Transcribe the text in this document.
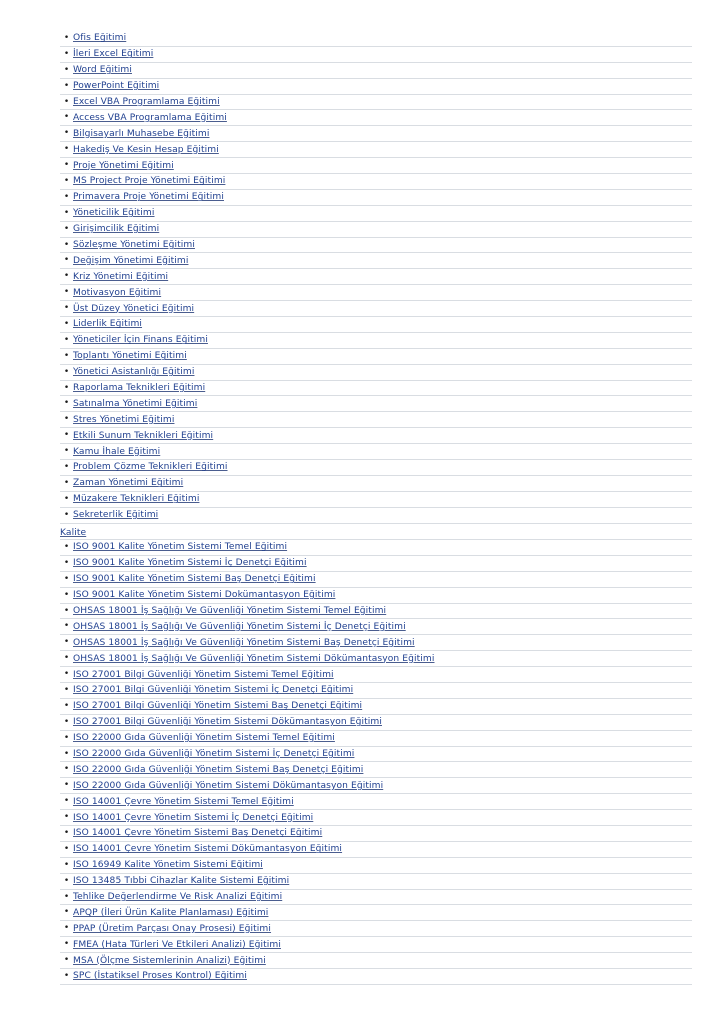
• Ofis Eğitimi
• İleri Excel Eğitimi
• Word Eğitimi
• PowerPoint Eğitimi
• Excel VBA Programlama Eğitimi
• Access VBA Programlama Eğitimi
• Bilgisayarlı Muhasebe Eğitimi
• Hakediş Ve Kesin Hesap Eğitimi
• Proje Yönetimi Eğitimi
• MS Project Proje Yönetimi Eğitimi
• Primavera Proje Yönetimi Eğitimi
• Yöneticilik Eğitimi
• Girişimcilik Eğitimi
• Sözleşme Yönetimi Eğitimi
• Değişim Yönetimi Eğitimi
• Kriz Yönetimi Eğitimi
• Motivasyon Eğitimi
• Üst Düzey Yönetici Eğitimi
• Liderlik Eğitimi
• Yöneticiler İçin Finans Eğitimi
• Toplantı Yönetimi Eğitimi
• Yönetici Asistanlığı Eğitimi
• Raporlama Teknikleri Eğitimi
• Satınalma Yönetimi Eğitimi
• Stres Yönetimi Eğitimi
• Etkili Sunum Teknikleri Eğitimi
• Kamu İhale Eğitimi
• Problem Çözme Teknikleri Eğitimi
• Zaman Yönetimi Eğitimi
• Müzakere Teknikleri Eğitimi
• Sekreterlik Eğitimi
Kalite
• ISO 9001 Kalite Yönetim Sistemi Temel Eğitimi
• ISO 9001 Kalite Yönetim Sistemi İç Denetçi Eğitimi
• ISO 9001 Kalite Yönetim Sistemi Baş Denetçi Eğitimi
• ISO 9001 Kalite Yönetim Sistemi Dokümantasyon Eğitimi
• OHSAS 18001 İş Sağlığı Ve Güvenliği Yönetim Sistemi Temel Eğitimi
• OHSAS 18001 İş Sağlığı Ve Güvenliği Yönetim Sistemi İç Denetçi Eğitimi
• OHSAS 18001 İş Sağlığı Ve Güvenliği Yönetim Sistemi Baş Denetçi Eğitimi
• OHSAS 18001 İş Sağlığı Ve Güvenliği Yönetim Sistemi Dökümantasyon Eğitimi
• ISO 27001 Bilgi Güvenliği Yönetim Sistemi Temel Eğitimi
• ISO 27001 Bilgi Güvenliği Yönetim Sistemi İç Denetçi Eğitimi
• ISO 27001 Bilgi Güvenliği Yönetim Sistemi Baş Denetçi Eğitimi
• ISO 27001 Bilgi Güvenliği Yönetim Sistemi Dökümantasyon Eğitimi
• ISO 22000 Gıda Güvenliği Yönetim Sistemi Temel Eğitimi
• ISO 22000 Gıda Güvenliği Yönetim Sistemi İç Denetçi Eğitimi
• ISO 22000 Gıda Güvenliği Yönetim Sistemi Baş Denetçi Eğitimi
• ISO 22000 Gıda Güvenliği Yönetim Sistemi Dökümantasyon Eğitimi
• ISO 14001 Çevre Yönetim Sistemi Temel Eğitimi
• ISO 14001 Çevre Yönetim Sistemi İç Denetçi Eğitimi
• ISO 14001 Çevre Yönetim Sistemi Baş Denetçi Eğitimi
• ISO 14001 Çevre Yönetim Sistemi Dökümantasyon Eğitimi
• ISO 16949 Kalite Yönetim Sistemi Eğitimi
• ISO 13485 Tıbbi Cihazlar Kalite Sistemi Eğitimi
• Tehlike Değerlendirme Ve Risk Analizi Eğitimi
• APQP (İleri Ürün Kalite Planlaması) Eğitimi
• PPAP (Üretim Parçası Onay Prosesi) Eğitimi
• FMEA (Hata Türleri Ve Etkileri Analizi) Eğitimi
• MSA (Ölçme Sistemlerinin Analizi) Eğitimi
• SPC (İstatiksel Proses Kontrol) Eğitimi
